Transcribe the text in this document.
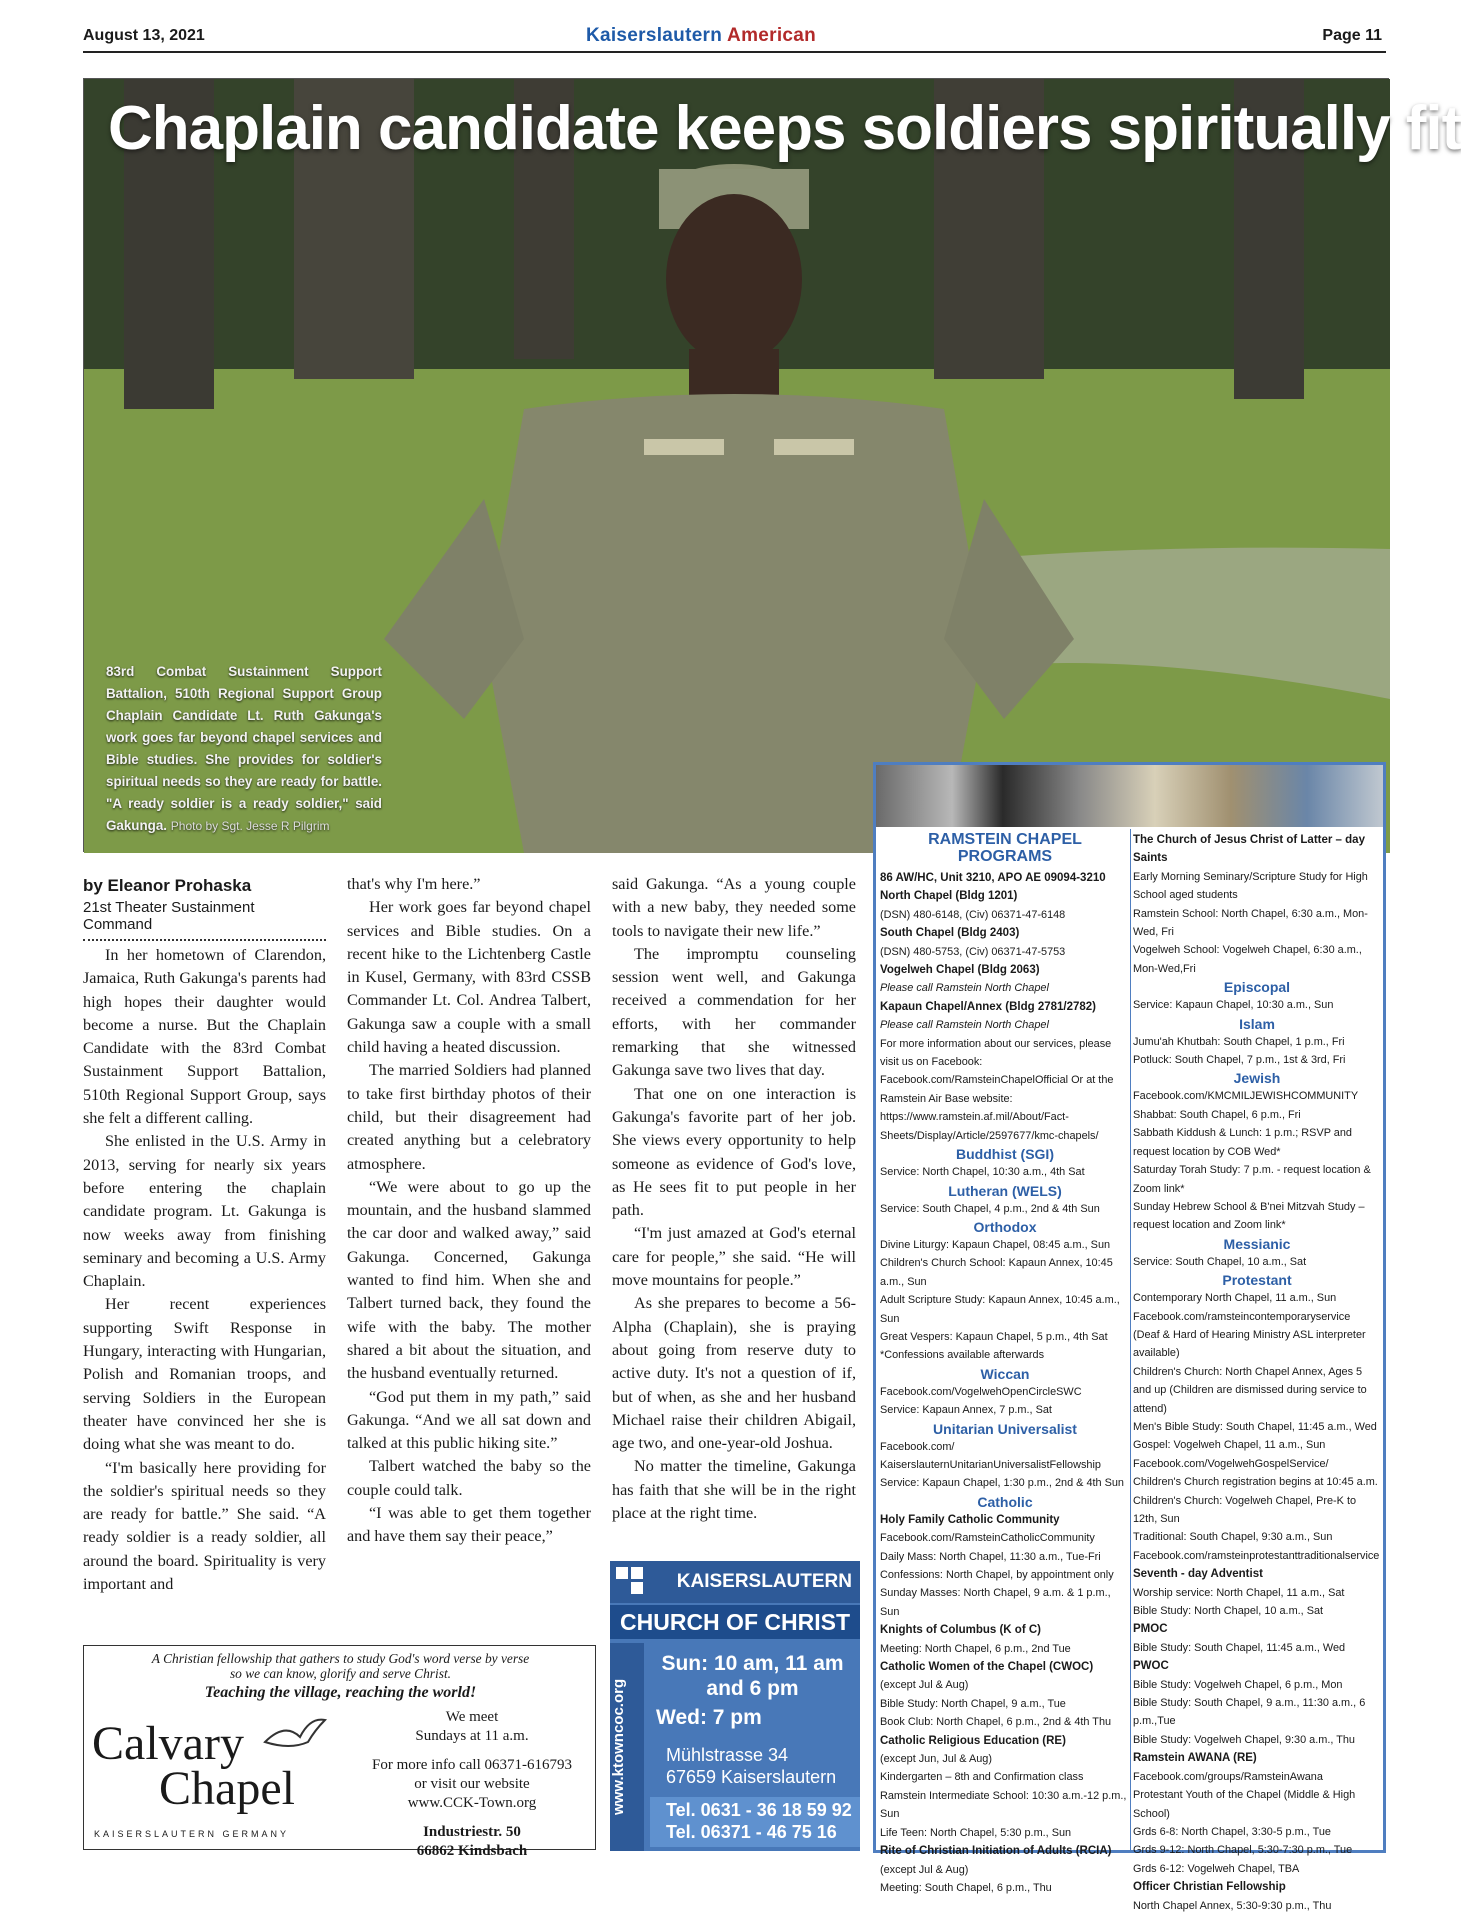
August 13, 2021	Kaiserslautern American	Page 11
Chaplain candidate keeps soldiers spiritually fit
83rd Combat Sustainment Support Battalion, 510th Regional Support Group Chaplain Candidate Lt. Ruth Gakunga's work goes far beyond chapel services and Bible studies. She provides for soldier's spiritual needs so they are ready for battle. "A ready soldier is a ready soldier," said Gakunga. Photo by Sgt. Jesse R Pilgrim
by Eleanor Prohaska
21st Theater Sustainment Command

In her hometown of Clarendon, Jamaica, Ruth Gakunga's parents had high hopes their daughter would become a nurse. But the Chaplain Candidate with the 83rd Combat Sustainment Support Battalion, 510th Regional Support Group, says she felt a different calling.

She enlisted in the U.S. Army in 2013, serving for nearly six years before entering the chaplain candidate program. Lt. Gakunga is now weeks away from finishing seminary and becoming a U.S. Army Chaplain.

Her recent experiences supporting Swift Response in Hungary, interacting with Hungarian, Polish and Romanian troops, and serving Soldiers in the European theater have convinced her she is doing what she was meant to do.

“I'm basically here providing for the soldier's spiritual needs so they are ready for battle.” She said. “A ready soldier is a ready soldier, all around the board. Spirituality is very important and

that's why I'm here.”

Her work goes far beyond chapel services and Bible studies. On a recent hike to the Lichtenberg Castle in Kusel, Germany, with 83rd CSSB Commander Lt. Col. Andrea Talbert, Gakunga saw a couple with a small child having a heated discussion.

The married Soldiers had planned to take first birthday photos of their child, but their disagreement had created anything but a celebratory atmosphere.

“We were about to go up the mountain, and the husband slammed the car door and walked away,” said Gakunga. Concerned, Gakunga wanted to find him. When she and Talbert turned back, they found the wife with the baby. The mother shared a bit about the situation, and the husband eventually returned.

“God put them in my path,” said Gakunga. “And we all sat down and talked at this public hiking site.”

Talbert watched the baby so the couple could talk.

“I was able to get them together and have them say their peace,”

said Gakunga. “As a young couple with a new baby, they needed some tools to navigate their new life.”

The impromptu counseling session went well, and Gakunga received a commendation for her efforts, with her commander remarking that she witnessed Gakunga save two lives that day.

That one on one interaction is Gakunga's favorite part of her job. She views every opportunity to help someone as evidence of God's love, as He sees fit to put people in her path.

“I'm just amazed at God's eternal care for people,” she said. “He will move mountains for people.”

As she prepares to become a 56-Alpha (Chaplain), she is praying about going from reserve duty to active duty. It's not a question of if, but of when, as she and her husband Michael raise their children Abigail, age two, and one-year-old Joshua.

No matter the timeline, Gakunga has faith that she will be in the right place at the right time.

KAISERSLAUTERN
CHURCH OF CHRIST
www.ktowncoc.org
Sun: 10 am, 11 am
and 6 pm
Wed: 7 pm
Mühlstrasse 34
67659 Kaiserslautern
Tel. 0631 - 36 18 59 92
Tel. 06371 - 46 75 16
A Christian fellowship that gathers to study God's word verse by verse
so we can know, glorify and serve Christ.
Teaching the village, reaching the world!
Calvary
Chapel
KAISERSLAUTERN GERMANY
We meet
Sundays at 11 a.m.
For more info call 06371-616793
or visit our website
www.CCK-Town.org
Industriestr. 50
66862 Kindsbach
RAMSTEIN CHAPEL PROGRAMS
86 AW/HC, Unit 3210, APO AE 09094-3210
North Chapel (Bldg 1201)
(DSN) 480-6148, (Civ) 06371-47-6148
South Chapel (Bldg 2403)
(DSN) 480-5753, (Civ) 06371-47-5753
Vogelweh Chapel (Bldg 2063)
Please call Ramstein North Chapel
Kapaun Chapel/Annex (Bldg 2781/2782)
Please call Ramstein North Chapel
For more information about our services, please visit us on Facebook: Facebook.com/RamsteinChapelOfficial Or at the Ramstein Air Base website: https://www.ramstein.af.mil/About/Fact-Sheets/Display/Article/2597677/kmc-chapels/
Buddhist (SGI)
Service: North Chapel, 10:30 a.m., 4th Sat
Lutheran (WELS)
Service: South Chapel, 4 p.m., 2nd & 4th Sun
Orthodox
Divine Liturgy: Kapaun Chapel, 08:45 a.m., Sun
Children's Church School: Kapaun Annex, 10:45 a.m., Sun
Adult Scripture Study: Kapaun Annex, 10:45 a.m., Sun
Great Vespers: Kapaun Chapel, 5 p.m., 4th Sat
*Confessions available afterwards
Wiccan
Facebook.com/VogelwehOpenCircleSWC
Service: Kapaun Annex, 7 p.m., Sat
Unitarian Universalist
Facebook.com/ KaiserslauternUnitarianUniversalistFellowship
Service: Kapaun Chapel, 1:30 p.m., 2nd & 4th Sun
Catholic
Holy Family Catholic Community
Facebook.com/RamsteinCatholicCommunity
Daily Mass: North Chapel, 11:30 a.m., Tue-Fri
Confessions: North Chapel, by appointment only
Sunday Masses: North Chapel, 9 a.m. & 1 p.m., Sun
Knights of Columbus (K of C)
Meeting: North Chapel, 6 p.m., 2nd Tue
Catholic Women of the Chapel (CWOC)
(except Jul & Aug)
Bible Study: North Chapel, 9 a.m., Tue
Book Club: North Chapel, 6 p.m., 2nd & 4th Thu
Catholic Religious Education (RE)
(except Jun, Jul & Aug)
Kindergarten – 8th and Confirmation class
Ramstein Intermediate School: 10:30 a.m.-12 p.m., Sun
Life Teen: North Chapel, 5:30 p.m., Sun
Rite of Christian Initiation of Adults (RCIA)
(except Jul & Aug)
Meeting: South Chapel, 6 p.m., Thu
The Church of Jesus Christ of Latter – day Saints
Early Morning Seminary/Scripture Study for High School aged students
Ramstein School: North Chapel, 6:30 a.m., Mon-Wed, Fri
Vogelweh School: Vogelweh Chapel, 6:30 a.m., Mon-Wed,Fri
Episcopal
Service: Kapaun Chapel, 10:30 a.m., Sun
Islam
Jumu'ah Khutbah: South Chapel, 1 p.m., Fri
Potluck: South Chapel, 7 p.m., 1st & 3rd, Fri
Jewish
Facebook.com/KMCMILJEWISHCOMMUNITY
Shabbat: South Chapel, 6 p.m., Fri
Sabbath Kiddush & Lunch: 1 p.m.; RSVP and request location by COB Wed*
Saturday Torah Study: 7 p.m. - request location & Zoom link*
Sunday Hebrew School & B'nei Mitzvah Study – request location and Zoom link*
Messianic
Service: South Chapel, 10 a.m., Sat
Protestant
Contemporary North Chapel, 11 a.m., Sun
Facebook.com/ramsteincontemporaryservice
(Deaf & Hard of Hearing Ministry ASL interpreter available)
Children's Church: North Chapel Annex, Ages 5 and up (Children are dismissed during service to attend)
Men's Bible Study: South Chapel, 11:45 a.m., Wed
Gospel: Vogelweh Chapel, 11 a.m., Sun
Facebook.com/VogelwehGospelService/
Children's Church registration begins at 10:45 a.m.
Children's Church: Vogelweh Chapel, Pre-K to 12th, Sun
Traditional: South Chapel, 9:30 a.m., Sun
Facebook.com/ramsteinprotestanttraditionalservice
Seventh - day Adventist
Worship service: North Chapel, 11 a.m., Sat
Bible Study: North Chapel, 10 a.m., Sat
PMOC
Bible Study: South Chapel, 11:45 a.m., Wed
PWOC
Bible Study: Vogelweh Chapel, 6 p.m., Mon
Bible Study: South Chapel, 9 a.m., 11:30 a.m., 6 p.m.,Tue
Bible Study: Vogelweh Chapel, 9:30 a.m., Thu
Ramstein AWANA (RE)
Facebook.com/groups/RamsteinAwana
Protestant Youth of the Chapel (Middle & High School)
Grds 6-8: North Chapel, 3:30-5 p.m., Tue
Grds 9-12: North Chapel, 5:30-7:30 p.m., Tue
Grds 6-12: Vogelweh Chapel, TBA
Officer Christian Fellowship
North Chapel Annex, 5:30-9:30 p.m., Thu
